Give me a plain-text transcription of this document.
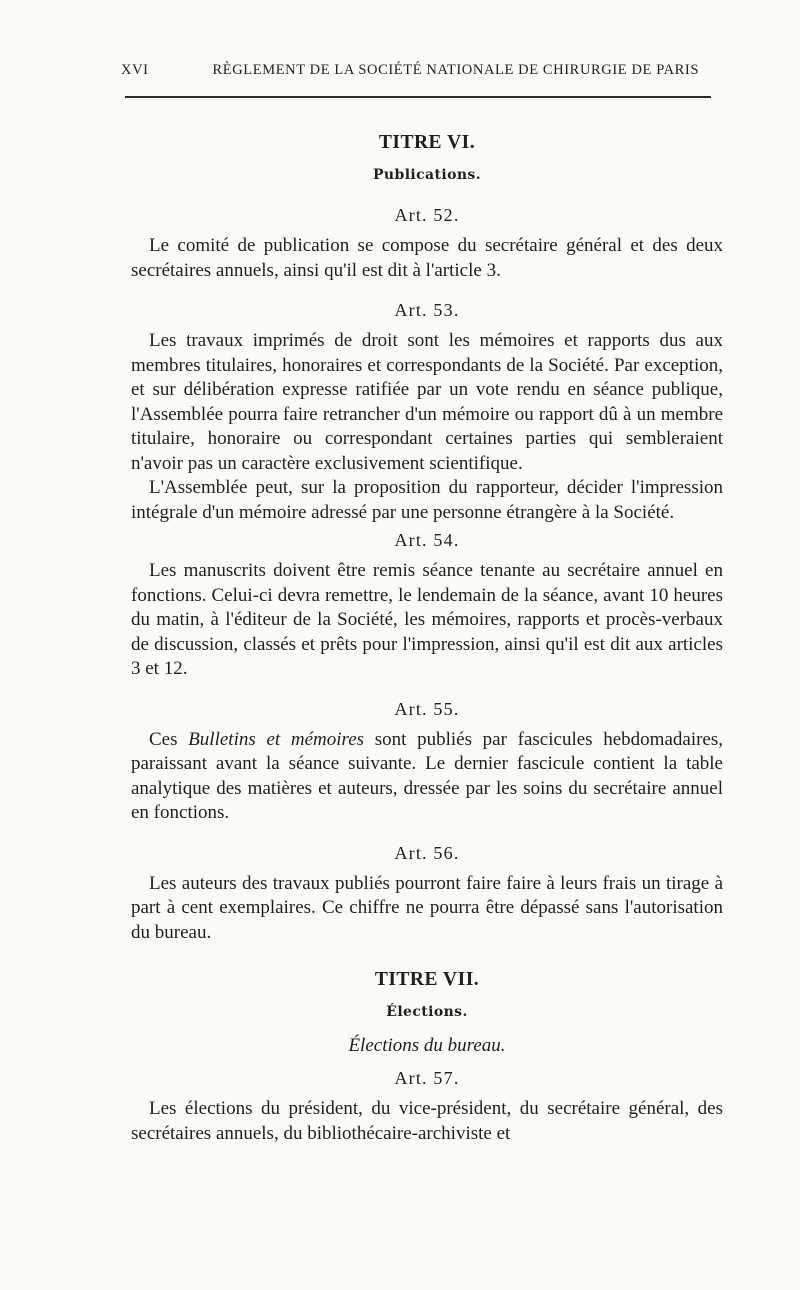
XVI	RÈGLEMENT DE LA SOCIÉTÉ NATIONALE DE CHIRURGIE DE PARIS
TITRE VI.
Publications.
Art. 52.

Le comité de publication se compose du secrétaire général et des deux secrétaires annuels, ainsi qu'il est dit à l'article 3.

Art. 53.

Les travaux imprimés de droit sont les mémoires et rapports dus aux membres titulaires, honoraires et correspondants de la Société. Par exception, et sur délibération expresse ratifiée par un vote rendu en séance publique, l'Assemblée pourra faire retrancher d'un mémoire ou rapport dû à un membre titulaire, honoraire ou correspondant certaines parties qui sembleraient n'avoir pas un caractère exclusivement scientifique.

L'Assemblée peut, sur la proposition du rapporteur, décider l'impression intégrale d'un mémoire adressé par une personne étrangère à la Société.

Art. 54.

Les manuscrits doivent être remis séance tenante au secrétaire annuel en fonctions. Celui-ci devra remettre, le lendemain de la séance, avant 10 heures du matin, à l'éditeur de la Société, les mémoires, rapports et procès-verbaux de discussion, classés et prêts pour l'impression, ainsi qu'il est dit aux articles 3 et 12.

Art. 55.

Ces Bulletins et mémoires sont publiés par fascicules hebdomadaires, paraissant avant la séance suivante. Le dernier fascicule contient la table analytique des matières et auteurs, dressée par les soins du secrétaire annuel en fonctions.

Art. 56.

Les auteurs des travaux publiés pourront faire faire à leurs frais un tirage à part à cent exemplaires. Ce chiffre ne pourra être dépassé sans l'autorisation du bureau.

TITRE VII.
Élections.
Élections du bureau.
Art. 57.

Les élections du président, du vice-président, du secrétaire général, des secrétaires annuels, du bibliothécaire-archiviste et
